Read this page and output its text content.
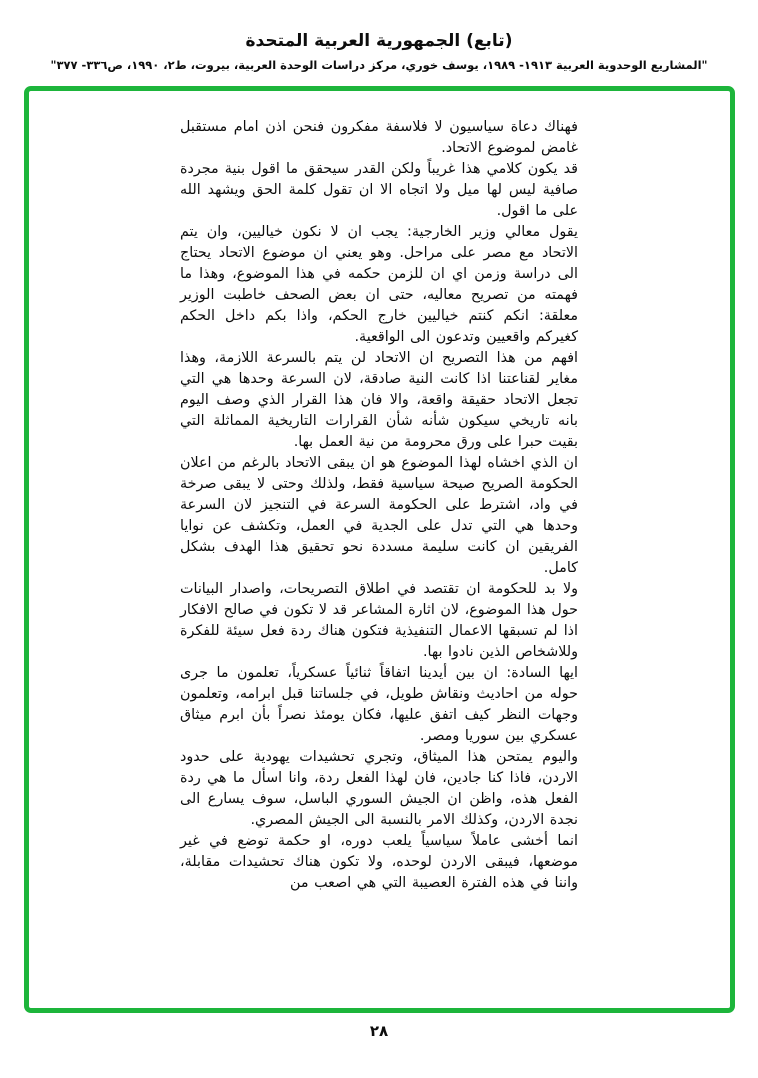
(تابع) الجمهورية العربية المتحدة
"المشاريع الوحدوية العربية ١٩١٣- ١٩٨٩، يوسف خوري، مركز دراسات الوحدة العربية، بيروت، ط٢، ١٩٩٠، ص٣٣٦- ٣٧٧"

فهناك دعاة سياسيون لا فلاسفة مفكرون فنحن اذن امام مستقبل غامض لموضوع الاتحاد.

قد يكون كلامي هذا غريباً ولكن القدر سيحقق ما اقول بنية مجردة صافية ليس لها ميل ولا اتجاه الا ان تقول كلمة الحق ويشهد الله على ما اقول.

يقول معالي وزير الخارجية: يجب ان لا نكون خياليين، وان يتم الاتحاد مع مصر على مراحل. وهو يعني ان موضوع الاتحاد يحتاج الى دراسة وزمن اي ان للزمن حكمه في هذا الموضوع، وهذا ما فهمته من تصريح معاليه، حتى ان بعض الصحف خاطبت الوزير معلقة: انكم كنتم خياليين خارج الحكم، واذا بكم داخل الحكم كغيركم واقعيين وتدعون الى الواقعية.

افهم من هذا التصريح ان الاتحاد لن يتم بالسرعة اللازمة، وهذا مغاير لقناعتنا اذا كانت النية صادقة، لان السرعة وحدها هي التي تجعل الاتحاد حقيقة واقعة، والا فان هذا القرار الذي وصف اليوم بانه تاريخي سيكون شأنه شأن القرارات التاريخية المماثلة التي بقيت حبرا على ورق محرومة من نية العمل بها.

ان الذي اخشاه لهذا الموضوع هو ان يبقى الاتحاد بالرغم من اعلان الحكومة الصريح صيحة سياسية فقط، ولذلك وحتى لا يبقى صرخة في واد، اشترط على الحكومة السرعة في التنجيز لان السرعة وحدها هي التي تدل على الجدية في العمل، وتكشف عن نوايا الفريقين ان كانت سليمة مسددة نحو تحقيق هذا الهدف بشكل كامل.

ولا بد للحكومة ان تقتصد في اطلاق التصريحات، واصدار البيانات حول هذا الموضوع، لان اثارة المشاعر قد لا تكون في صالح الافكار اذا لم تسبقها الاعمال التنفيذية فتكون هناك ردة فعل سيئة للفكرة وللاشخاص الذين نادوا بها.

ايها السادة: ان بين أيدينا اتفاقاً ثنائياً عسكرياً، تعلمون ما جرى حوله من احاديث ونقاش طويل، في جلساتنا قبل ابرامه، وتعلمون وجهات النظر كيف اتفق عليها، فكان يومئذ نصراً بأن ابرم ميثاق عسكري بين سوريا ومصر.

واليوم يمتحن هذا الميثاق، وتجري تحشيدات يهودية على حدود الاردن، فاذا كنا جادين، فان لهذا الفعل ردة، وانا اسأل ما هي ردة الفعل هذه، واظن ان الجيش السوري الباسل، سوف يسارع الى نجدة الاردن، وكذلك الامر بالنسبة الى الجيش المصري.

انما أخشى عاملاً سياسياً يلعب دوره، او حكمة توضع في غير موضعها، فيبقى الاردن لوحده، ولا تكون هناك تحشيدات مقابلة، واننا في هذه الفترة العصيبة التي هي اصعب من

٢٨
